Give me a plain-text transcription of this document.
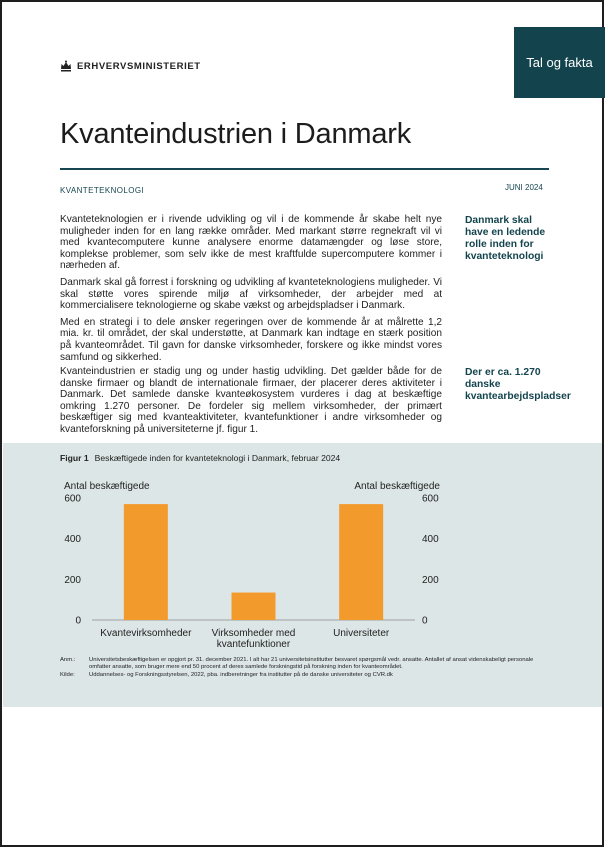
Tal og fakta
ERHVERVSMINISTERIET
Kvanteindustrien i Danmark
KVANTETEKNOLOGI	JUNI 2024

Kvanteteknologien er i rivende udvikling og vil i de kommende år skabe helt nye muligheder inden for en lang række områder. Med markant større regnekraft vil vi med kvantecomputere kunne analysere enorme datamængder og løse store, komplekse problemer, som selv ikke de mest kraftfulde supercomputere kommer i nærheden af.

Danmark skal gå forrest i forskning og udvikling af kvanteteknologiens muligheder. Vi skal støtte vores spirende miljø af virksomheder, der arbejder med at kommercialisere teknologierne og skabe vækst og arbejdspladser i Danmark.

Med en strategi i to dele ønsker regeringen over de kommende år at målrette 1,2 mia. kr. til området, der skal understøtte, at Danmark kan indtage en stærk position på kvanteområdet. Til gavn for danske virksomheder, forskere og ikke mindst vores samfund og sikkerhed.

Kvanteindustrien er stadig ung og under hastig udvikling. Det gælder både for de danske firmaer og blandt de internationale firmaer, der placerer deres aktiviteter i Danmark. Det samlede danske kvanteøkosystem vurderes i dag at beskæftige omkring 1.270 personer. De fordeler sig mellem virksomheder, der primært beskæftiger sig med kvanteaktiviteter, kvantefunktioner i andre virksomheder og kvanteforskning på universiteterne jf. figur 1.

Danmark skal have en ledende rolle inden for kvanteteknologi
Der er ca. 1.270 danske kvantearbejdspladser
Figur 1 Beskæftigede inden for kvanteteknologi i Danmark, februar 2024
Antal beskæftigede	Antal beskæftigede
0	0
200	200
400	400
600	600
Kvantevirksomheder Virksomheder med kvantefunktioner
Universiteter
Anm.:	Universitetsbeskæftigelsen er opgjort pr. 31. december 2021. I alt har 21 universitetsinstitutter besvaret spørgsmål vedr. ansatte. Antallet af ansat videnskabeligt personale omfatter ansatte, som bruger mere end 50 procent af deres samlede forskningstid på forskning inden for kvanteområdet.
Kilde:	Uddannelses- og Forskningsstyrelsen, 2022, pba. indberetninger fra institutter på de danske universiteter og CVR.dk
